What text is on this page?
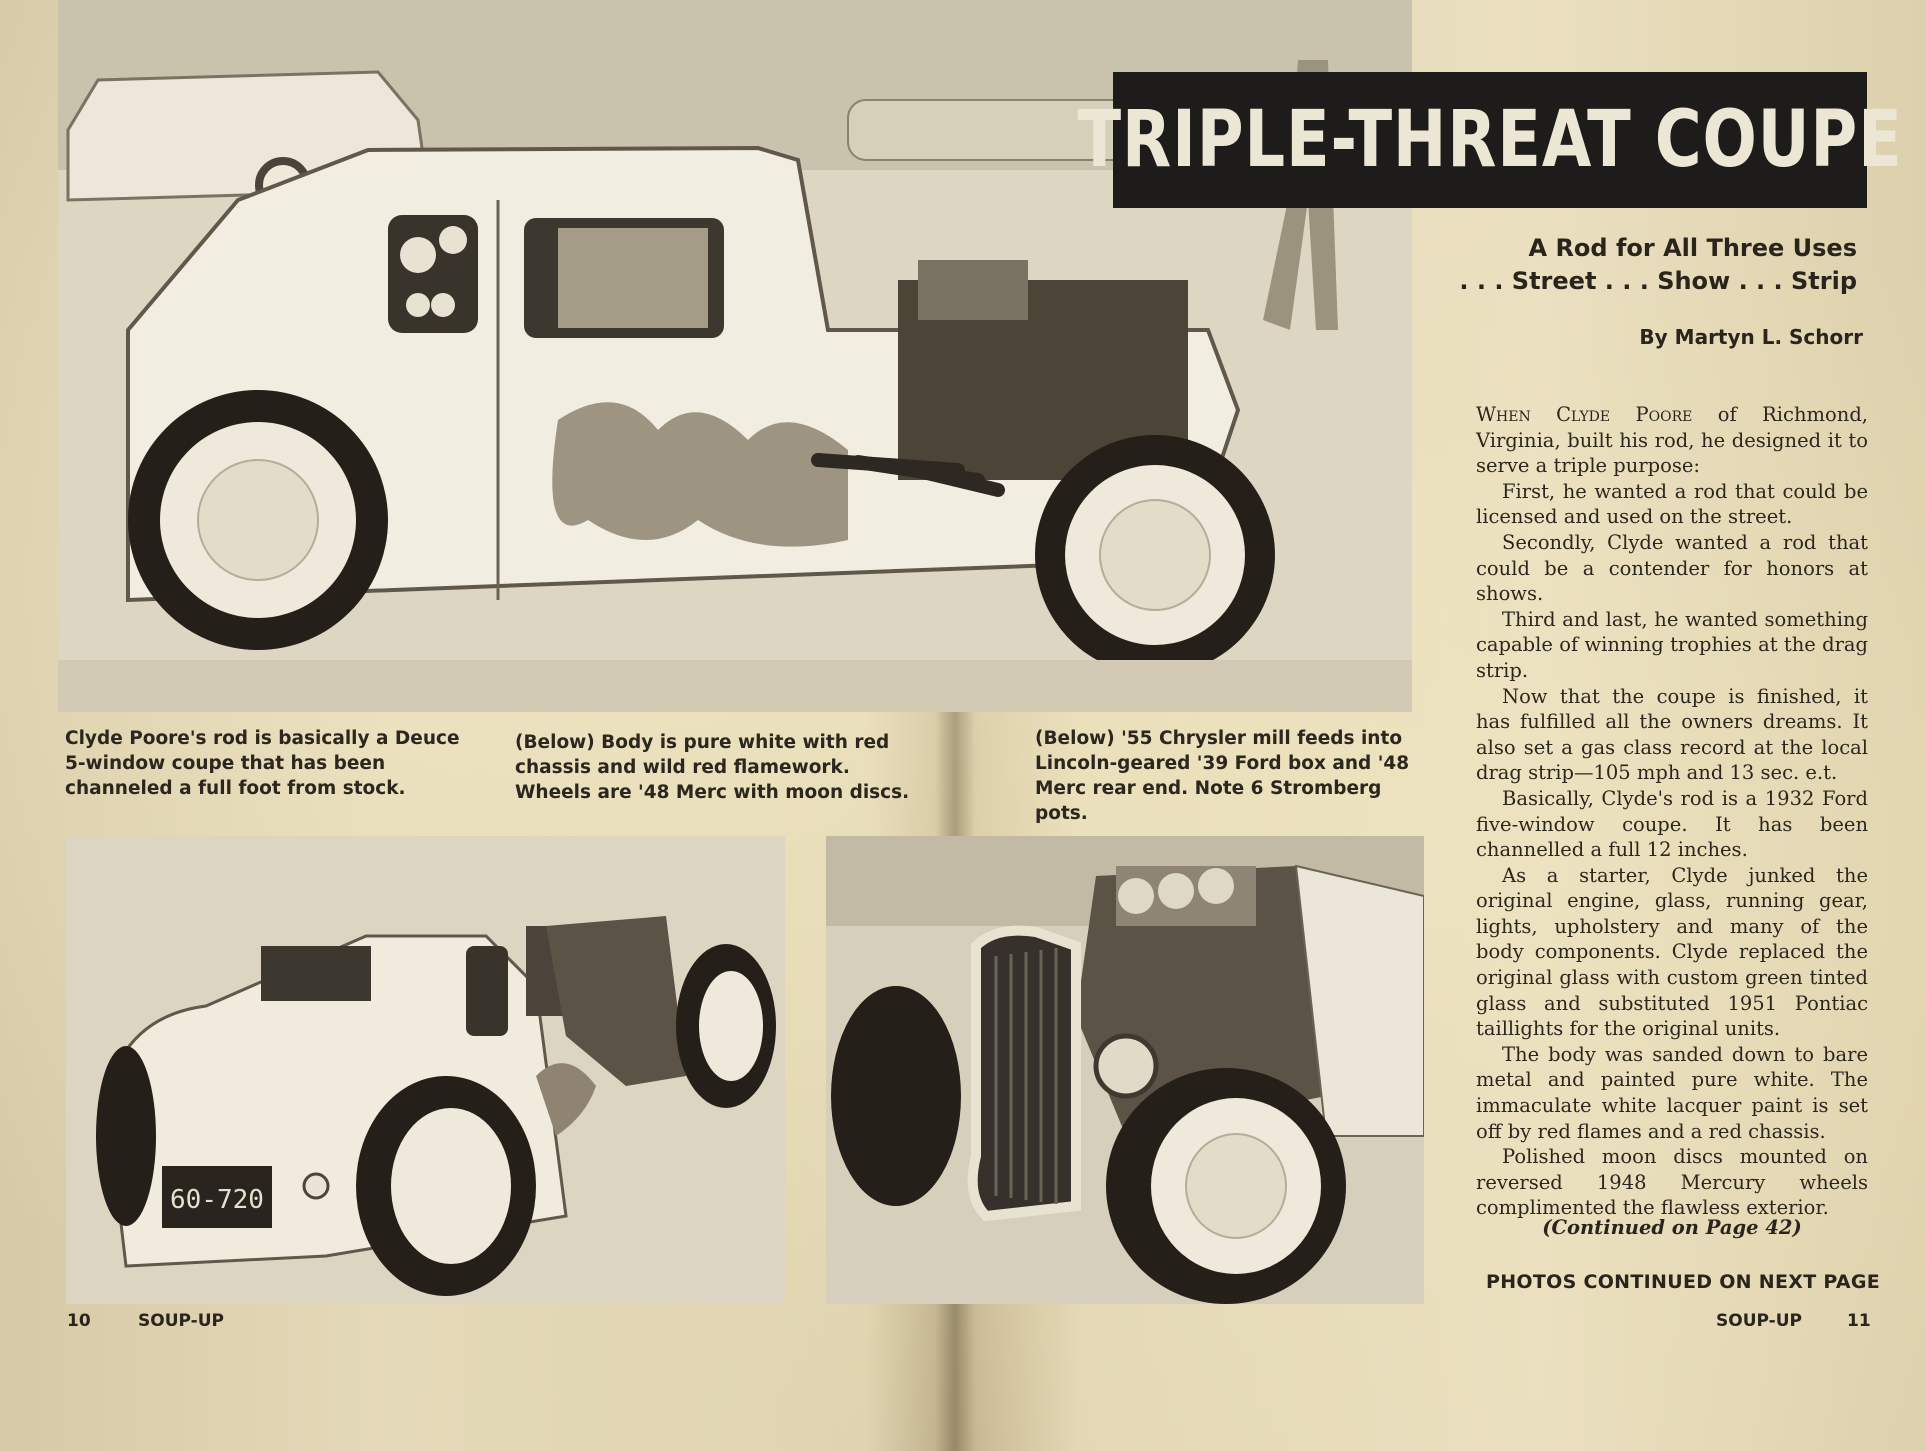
60-720
TRIPLE-THREAT COUPE
A Rod for All Three Uses
. . . Street . . . Show . . . Strip
By Martyn L. Schorr

When Clyde Poore of Richmond, Virginia, built his rod, he designed it to serve a triple purpose:

First, he wanted a rod that could be licensed and used on the street.

Secondly, Clyde wanted a rod that could be a contender for honors at shows.

Third and last, he wanted something capable of winning trophies at the drag strip.

Now that the coupe is finished, it has fulfilled all the owners dreams. It also set a gas class record at the local drag strip—105 mph and 13 sec. e.t.

Basically, Clyde's rod is a 1932 Ford five-window coupe. It has been channelled a full 12 inches.

As a starter, Clyde junked the original engine, glass, running gear, lights, upholstery and many of the body components. Clyde replaced the original glass with custom green tinted glass and substituted 1951 Pontiac taillights for the original units.

The body was sanded down to bare metal and painted pure white. The immaculate white lacquer paint is set off by red flames and a red chassis.

Polished moon discs mounted on reversed 1948 Mercury wheels complimented the flawless exterior.

(Continued on Page 42)
Clyde Poore's rod is basically a Deuce 5-window coupe that has been channeled a full foot from stock.
(Below) Body is pure white with red chassis and wild red flamework. Wheels are '48 Merc with moon discs.
(Below) '55 Chrysler mill feeds into Lincoln-geared '39 Ford box and '48 Merc rear end. Note 6 Stromberg pots.
PHOTOS CONTINUED ON NEXT PAGE
10	SOUP-UP	SOUP-UP	11
